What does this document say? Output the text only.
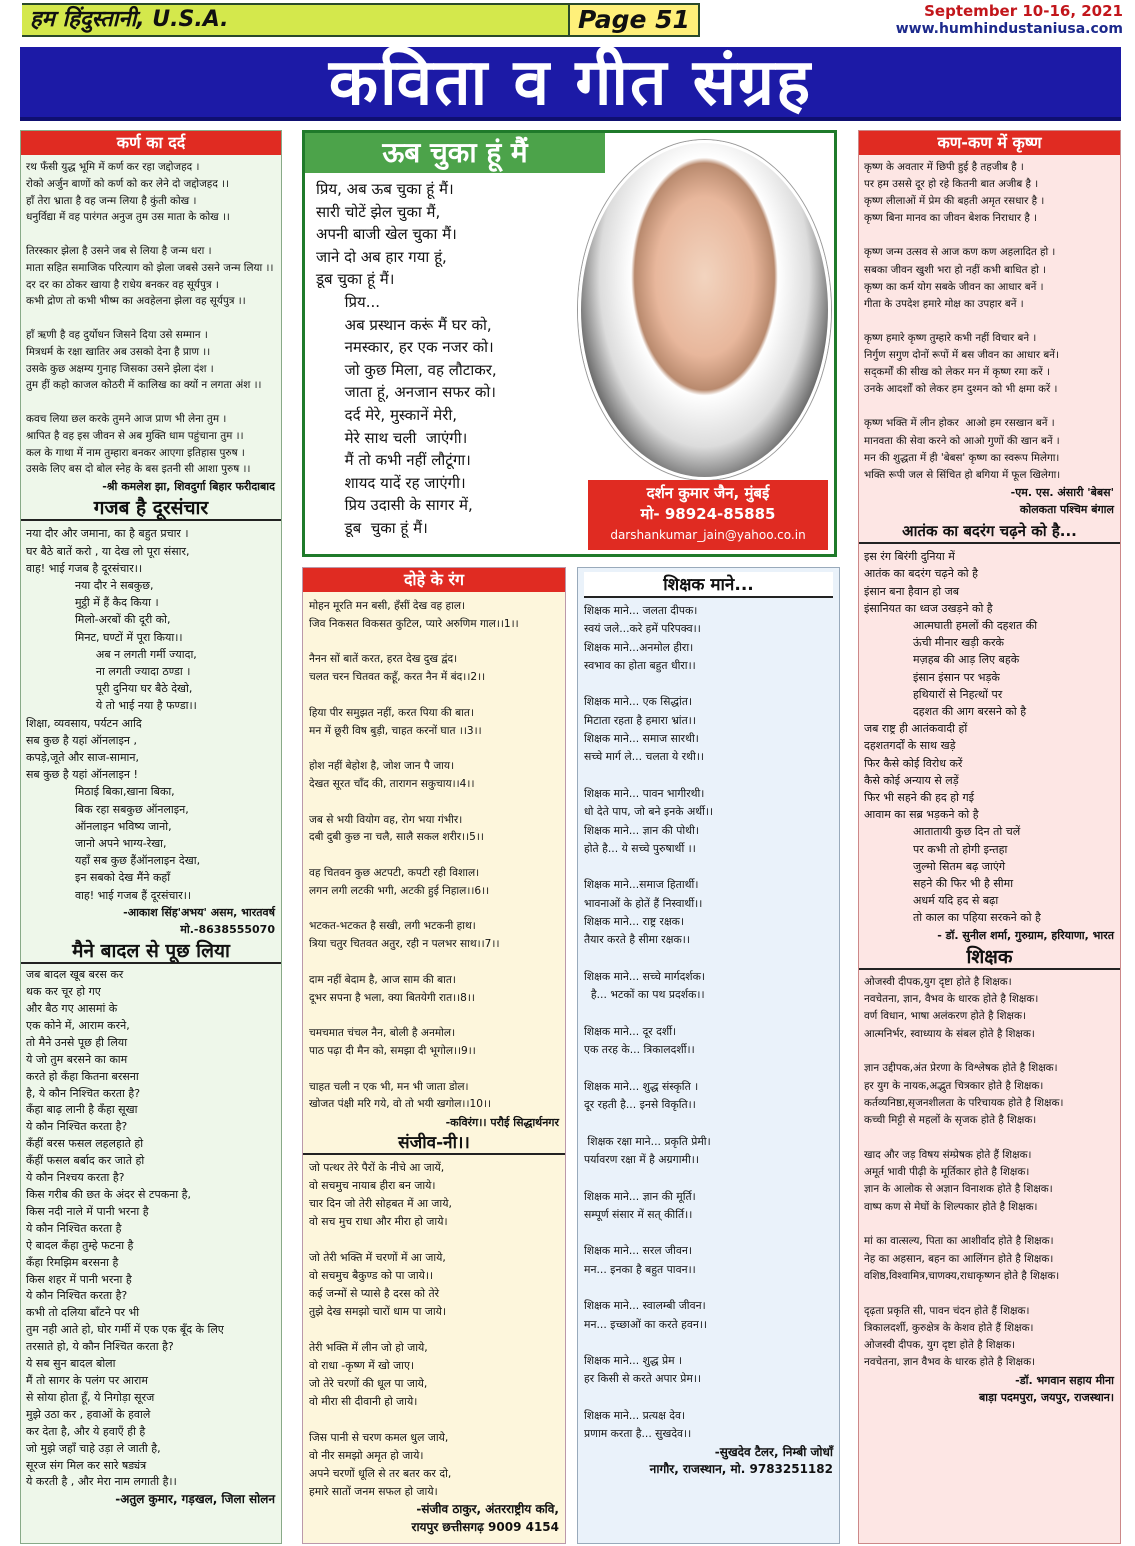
हम हिंदुस्तानी, U.S.A.	Page 51	September 10-16, 2021
www.humhindustaniusa.com
कविता व गीत संग्रह
कर्ण का दर्द

रथ फँसी युद्ध भूमि में कर्ण कर रहा जद्दोजहद ।

रोको अर्जुन बाणों को कर्ण को कर लेने दो जद्दोजहद ।।

हाँ तेरा भ्राता है वह जन्म लिया है कुंती कोख ।

धनुर्विद्या में वह पारंगत अनुज तुम उस माता के कोख ।।

तिरस्कार झेला है उसने जब से लिया है जन्म धरा ।

माता सहित समाजिक परित्याग को झेला जबसे उसने जन्म लिया ।।

दर दर का ठोकर खाया है राधेय बनकर वह सूर्यपुत्र ।

कभी द्रोण तो कभी भीष्म का अवहेलना झेला वह सूर्यपुत्र ।।

हाँ ऋणी है वह दुर्योधन जिसने दिया उसे सम्मान ।

मित्रधर्म के रक्षा खातिर अब उसको देना है प्राण ।।

उसके कुछ अक्षम्य गुनाह जिसका उसने झेला दंश ।

तुम हीं कहो काजल कोठरी में कालिख का क्यों न लगता अंश ।।

कवच लिया छल करके तुमने आज प्राण भी लेना तुम ।

श्रापित है वह इस जीवन से अब मुक्ति धाम पहुंचाना तुम ।।

कल के गाथा में नाम तुम्हारा बनकर आएगा इतिहास पुरुष ।

उसके लिए बस दो बोल स्नेह के बस इतनी सी आशा पुरुष ।।

-श्री कमलेश झा, शिवदुर्गा बिहार फरीदाबाद
गजब है दूरसंचार

नया दौर और जमाना, का है बहुत प्रचार ।

घर बैठे बातें करो , या देख लो पूरा संसार,

वाह! भाई गजब है दूरसंचार।।

नया दौर ने सबकुछ,

मुट्ठी में हैं कैद किया ।

मिलो-अरबों की दूरी को,

मिनट, घण्टों में पूरा किया।।

अब न लगती गर्मी ज्यादा,

ना लगती ज्यादा ठण्डा ।

पूरी दुनिया घर बैठे देखो,

ये तो भाई नया है फण्डा।।

शिक्षा, व्यवसाय, पर्यटन आदि

सब कुछ है यहां ऑनलाइन ,

कपड़े,जूते और साज-सामान,

सब कुछ है यहां ऑनलाइन !

मिठाई बिका,खाना बिका,

बिक रहा सबकुछ ऑनलाइन,

ऑनलाइन भविष्य जानो,

जानो अपने भाग्य-रेखा,

यहाँ सब कुछ हैंऑनलाइन देखा,

इन सबको देख मैंने कहाँ

वाह! भाई गजब हैं दूरसंचार।।

-आकाश सिंह'अभय' असम, भारतवर्ष
मो.-8638555070
मैने बादल से पूछ लिया

जब बादल खूब बरस कर

थक कर चूर हो गए

और बैठ गए आसमां के

एक कोने में, आराम करने,

तो मैने उनसे पूछ ही लिया

ये जो तुम बरसने का काम

करते हो कँहा कितना बरसना

है, ये कौन निश्चित करता है?

कँहा बाढ़ लानी है कँहा सूखा

ये कौन निश्चित करता है?

कँहीं बरस फसल लहलहाते हो

कँहीं फसल बर्बाद कर जाते हो

ये कौन निश्चय करता है?

किस गरीब की छत के अंदर से टपकना है,

किस नदी नाले में पानी भरना है

ये कौन निश्चित करता है

ऐ बादल कँहा तुम्हे फटना है

कँहा रिमझिम बरसना है

किस शहर में पानी भरना है

ये कौन निश्चित करता है?

कभी तो दलिया बाँटने पर भी

तुम नही आते हो, घोर गर्मी में एक एक बूँद के लिए

तरसाते हो, ये कौन निश्चित करता है?

ये सब सुन बादल बोला

मैं तो सागर के पलंग पर आराम

से सोया होता हूँ, ये निगोड़ा सूरज

मुझे उठा कर , हवाओं के हवाले

कर देता है, और ये हवाएँ ही है

जो मुझे जहाँ चाहे उड़ा ले जाती है,

सूरज संग मिल कर सारे षड्यंत्र

ये करती है , और मेरा नाम लगाती है।।

-अतुल कुमार, गड़खल, जिला सोलन
ऊब चुका हूं मैं

प्रिय, अब ऊब चुका हूं मैं।

सारी चोटें झेल चुका मैं,

अपनी बाजी खेल चुका मैं।

जाने दो अब हार गया हूं,

डूब चुका हूं मैं।

प्रिय...

अब प्रस्थान करूं मैं घर को,

नमस्कार, हर एक नजर को।

जो कुछ मिला, वह लौटाकर,

जाता हूं, अनजान सफर को।

दर्द मेरे, मुस्कानें मेरी,

मेरे साथ चली  जाएंगी।

मैं तो कभी नहीं लौटूंगा।

शायद यादें रह जाएंगी।

प्रिय उदासी के सागर में,

डूब  चुका हूं मैं।

दर्शन कुमार जैन, मुंबई
मो- 98924-85885
darshankumar_jain@yahoo.co.in
दोहे के रंग

मोहन मूरति मन बसी, हँसीं देख वह हाल।

जिव निकसत विकसत कुटिल, प्यारे अरुणिम गाल।।1।।

नैनन सों बातें करत, हरत देख दुख द्वंद।

चलत चरन चितवत कहूँ, करत नैन में बंद।।2।।

हिया पीर समुझत नहीं, करत पिया की बात।

मन में छूरी विष बुड़ी, चाहत करनों घात ।।3।।

होश नहीं बेहोश है, जोश जान पै जाय।

देखत सूरत चाँद की, तारागन सकुचाय।।4।।

जब से भयी वियोग वह, रोग भया गंभीर।

दबी दुबी कुछ ना चलै, सालै सकल शरीर।।5।।

वह चितवन कुछ अटपटी, कपटी रही विशाल।

लगन लगी लटकी भगी, अटकी हुई निहाल।।6।।

भटकत-भटकत है सखी, लगी भटकनी हाथ।

त्रिया चतुर चितवत अतुर, रही न पलभर साथ।।7।।

दाम नहीं बेदाम है, आज साम की बात।

दूभर सपना है भला, क्या बितयेगी रात।।8।।

चमचमात चंचल नैन, बोली है अनमोल।

पाठ पढ़ा दी मैन को, समझा दी भूगोल।।9।।

चाहत चली न एक भी, मन भी जाता डोल।

खोजत पंक्षी मरि गये, वो तो भयी खगोल।।10।।

-कविरंग।। परौई सिद्धार्थनगर
संजीव-नी।।

जो पत्थर तेरे पैरों के नीचे आ जायें,

वो सचमुच नायाब हीरा बन जाये।

चार दिन जो तेरी सोहबत में आ जाये,

वो सच मुच राधा और मीरा हो जाये।

जो तेरी भक्ति में चरणों में आ जाये,

वो सचमुच बैकुण्ड को पा जाये।।

कई जन्मों से प्यासे है दरस को तेरे

तुझे देख समझो चारों धाम पा जाये।

तेरी भक्ति में लीन जो हो जाये,

वो राधा -कृष्ण में खो जाए।

जो तेरे चरणों की धूल पा जाये,

वो मीरा सी दीवानी हो जाये।

जिस पानी से चरण कमल धुल जाये,

वो नीर समझो अमृत हो जाये।

अपने चरणों धूलि से तर बतर कर दो,

हमारे सातों जनम सफल हो जाये।

-संजीव ठाकुर, अंतरराष्ट्रीय कवि,
रायपुर छत्तीसगढ़ 9009 4154
शिक्षक माने...

शिक्षक माने... जलता दीपक।

स्वयं जले...करे हमें परिपक्व।।

शिक्षक माने...अनमोल हीरा।

स्वभाव का होता बहुत धीरा।।

शिक्षक माने... एक सिद्धांत।

मिटाता रहता है हमारा भ्रांत।।

शिक्षक माने... समाज सारथी।

सच्चे मार्ग ले... चलता ये रथी।।

शिक्षक माने... पावन भागीरथी।

धो देते पाप, जो बने इनके अर्थी।।

शिक्षक माने... ज्ञान की पोथी।

होते है... ये सच्चे पुरुषार्थी ।।

शिक्षक माने...समाज हितार्थी।

भावनाओं के होतें हैं निस्वार्थी।।

शिक्षक माने... राष्ट्र रक्षक।

तैयार करते है सीमा रक्षक।।

शिक्षक माने... सच्चे मार्गदर्शक।

है... भटकों का पथ प्रदर्शक।।

शिक्षक माने... दूर दर्शी।

एक तरह के... त्रिकालदर्शी।।

शिक्षक माने... शुद्ध संस्कृति ।

दूर रहती है... इनसे विकृति।।

शिक्षक रक्षा माने... प्रकृति प्रेमी।

पर्यावरण रक्षा में है अग्रगामी।।

शिक्षक माने... ज्ञान की मूर्ति।

सम्पूर्ण संसार में सत् कीर्ति।।

शिक्षक माने... सरल जीवन।

मन... इनका है बहुत पावन।।

शिक्षक माने... स्वालम्बी जीवन।

मन... इच्छाओं का करते हवन।।

शिक्षक माने... शुद्ध प्रेम ।

हर किसी से करते अपार प्रेम।।

शिक्षक माने... प्रत्यक्ष देव।

प्रणाम करता है... सुखदेव।।

-सुखदेव टैलर, निम्बी जोधाँ
नागौर, राजस्थान, मो. 9783251182
कण-कण में कृष्ण

कृष्ण के अवतार में छिपी हुई है तहजीब है ।

पर हम उससे दूर हो रहे कितनी बात अजीब है ।

कृष्ण लीलाओं में प्रेम की बहती अमृत रसधार है ।

कृष्ण बिना मानव का जीवन बेशक निराधार है ।

कृष्ण जन्म उत्सव से आज कण कण अहलादित हो ।

सबका जीवन खुशी भरा हो नहीं कभी बाधित हो ।

कृष्ण का कर्म योग सबके जीवन का आधार बनें ।

गीता के उपदेश हमारे मोक्ष का उपहार बनें ।

कृष्ण हमारे कृष्ण तुम्हारे कभी नहीं विचार बने ।

निर्गुण सगुण दोनों रूपों में बस जीवन का आधार बनें।

सद्कर्मों की सीख को लेकर मन में कृष्ण रमा करें ।

उनके आदर्शों को लेकर हम दुश्मन को भी क्षमा करें ।

कृष्ण भक्ति में लीन होकर  आओ हम रसखान बनें ।

मानवता की सेवा करने को आओ गुणों की खान बनें ।

मन की शुद्धता में ही 'बेबस' कृष्ण का स्वरूप मिलेगा।

भक्ति रूपी जल से सिंचित हो बगिया में फूल खिलेगा।

-एम. एस. अंसारी 'बेबस'
कोलकता पश्चिम बंगाल
आतंक का बदरंग चढ़ने को है...

इस रंग बिरंगी दुनिया में

आतंक का बदरंग चढ़ने को है

इंसान बना हैवान हो जब

इंसानियत का ध्वज उखड़ने को है

आत्मघाती हमलों की दहशत की

ऊंची मीनार खड़ी करके

मज़हब की आड़ लिए बहके

इंसान इंसान पर भड़के

हथियारों से निहत्थों पर

दहशत की आग बरसने को है

जब राष्ट्र ही आतंकवादी हों

दहशतगर्दों के साथ खड़े

फिर कैसे कोई विरोध करें

कैसे कोई अन्याय से लड़ें

फिर भी सहने की हद हो गई

आवाम का सब्र भड़कने को है

आतातायी कुछ दिन तो चलें

पर कभी तो होगी इन्तहा

जुल्मो सितम बढ़ जाएंगे

सहने की फिर भी है सीमा

अधर्म यदि हद से बढ़ा

तो काल का पहिया सरकने को है

- डॉ. सुनील शर्मा, गुरुग्राम, हरियाणा, भारत
शिक्षक

ओजस्वी दीपक,युग दृष्टा होते है शिक्षक।

नवचेतना, ज्ञान, वैभव के धारक होते है शिक्षक।

वर्ण विधान, भाषा अलंकरण होते है शिक्षक।

आत्मनिर्भर, स्वाध्याय के संबल होते है शिक्षक।

ज्ञान उद्दीपक,अंत प्रेरणा के विश्लेषक होते है शिक्षक।

हर युग के नायक,अद्भुत चित्रकार होते है शिक्षक।

कर्तव्यनिष्ठा,सृजनशीलता के परिचायक होते है शिक्षक।

कच्ची मिट्टी से महलों के सृजक होते है शिक्षक।

खाद और जड़ विषय संम्प्रेषक होते हैं शिक्षक।

अमूर्त भावी पीढ़ी के मूर्तिकार होते है शिक्षक।

ज्ञान के आलोक से अज्ञान विनाशक होते है शिक्षक।

वाष्प कण से मेघों के शिल्पकार होते है शिक्षक।

मां का वात्सल्य, पिता का आशीर्वाद होते है शिक्षक।

नेह का अहसान, बहन का आलिंगन होते है शिक्षक।

वशिष्ठ,विश्वामित्र,चाणक्य,राधाकृष्णन होते है शिक्षक।

दृढ़ता प्रकृति सी, पावन चंदन होते हैं शिक्षक।

त्रिकालदर्शी, कुरुक्षेत्र के केशव होते हैं शिक्षक।

ओजस्वी दीपक, युग दृष्टा होते है शिक्षक।

नवचेतना, ज्ञान वैभव के धारक होते है शिक्षक।

-डॉ. भगवान सहाय मीना
बाड़ा पदमपुरा, जयपुर, राजस्थान।
